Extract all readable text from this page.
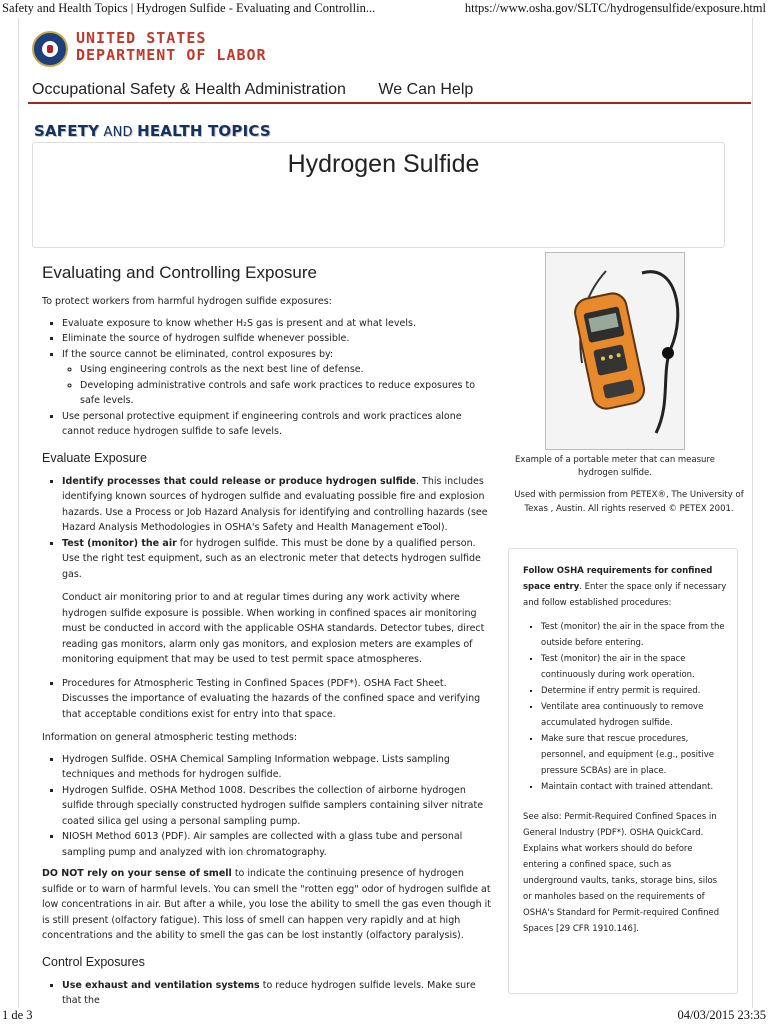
Safety and Health Topics | Hydrogen Sulfide - Evaluating and Controllin...	https://www.osha.gov/SLTC/hydrogensulfide/exposure.html
UNITED STATES
DEPARTMENT OF LABOR
Occupational Safety & Health Administration We Can Help
SAFETY AND HEALTH TOPICS
Hydrogen Sulfide
Evaluating and Controlling Exposure

To protect workers from harmful hydrogen sulfide exposures:

▪ Evaluate exposure to know whether H₂S gas is present and at what levels.
▪ Eliminate the source of hydrogen sulfide whenever possible.
▪ If the source cannot be eliminated, control exposures by:
◦ Using engineering controls as the next best line of defense.
◦ Developing administrative controls and safe work practices to reduce exposures to safe levels.
▪ Use personal protective equipment if engineering controls and work practices alone cannot reduce hydrogen sulfide to safe levels.
Evaluate Exposure
▪ Identify processes that could release or produce hydrogen sulfide. This includes identifying known sources of hydrogen sulfide and evaluating possible fire and explosion hazards. Use a Process or Job Hazard Analysis for identifying and controlling hazards (see Hazard Analysis Methodologies in OSHA's Safety and Health Management eTool).
▪ Test (monitor) the air for hydrogen sulfide. This must be done by a qualified person. Use the right test equipment, such as an electronic meter that detects hydrogen sulfide gas.

Conduct air monitoring prior to and at regular times during any work activity where hydrogen sulfide exposure is possible. When working in confined spaces air monitoring must be conducted in accord with the applicable OSHA standards. Detector tubes, direct reading gas monitors, alarm only gas monitors, and explosion meters are examples of monitoring equipment that may be used to test permit space atmospheres.

▪ Procedures for Atmospheric Testing in Confined Spaces (PDF*). OSHA Fact Sheet. Discusses the importance of evaluating the hazards of the confined space and verifying that acceptable conditions exist for entry into that space.

Information on general atmospheric testing methods:

▪ Hydrogen Sulfide. OSHA Chemical Sampling Information webpage. Lists sampling techniques and methods for hydrogen sulfide.
▪ Hydrogen Sulfide. OSHA Method 1008. Describes the collection of airborne hydrogen sulfide through specially constructed hydrogen sulfide samplers containing silver nitrate coated silica gel using a personal sampling pump.
▪ NIOSH Method 6013 (PDF). Air samples are collected with a glass tube and personal sampling pump and analyzed with ion chromatography.

DO NOT rely on your sense of smell to indicate the continuing presence of hydrogen sulfide or to warn of harmful levels. You can smell the "rotten egg" odor of hydrogen sulfide at low concentrations in air. But after a while, you lose the ability to smell the gas even though it is still present (olfactory fatigue). This loss of smell can happen very rapidly and at high concentrations and the ability to smell the gas can be lost instantly (olfactory paralysis).

Control Exposures
▪ Use exhaust and ventilation systems to reduce hydrogen sulfide levels. Make sure that the
Example of a portable meter that can measure hydrogen sulfide.
Used with permission from PETEX®, The University of Texas , Austin. All rights reserved © PETEX 2001.

Follow OSHA requirements for confined space entry. Enter the space only if necessary and follow established procedures:

▪ Test (monitor) the air in the space from the outside before entering.
▪ Test (monitor) the air in the space continuously during work operation.
▪ Determine if entry permit is required.
▪ Ventilate area continuously to remove accumulated hydrogen sulfide.
▪ Make sure that rescue procedures, personnel, and equipment (e.g., positive pressure SCBAs) are in place.
▪ Maintain contact with trained attendant.

See also: Permit-Required Confined Spaces in General Industry (PDF*). OSHA QuickCard. Explains what workers should do before entering a confined space, such as underground vaults, tanks, storage bins, silos or manholes based on the requirements of OSHA's Standard for Permit-required Confined Spaces [29 CFR 1910.146].

1 de 3	04/03/2015 23:35
